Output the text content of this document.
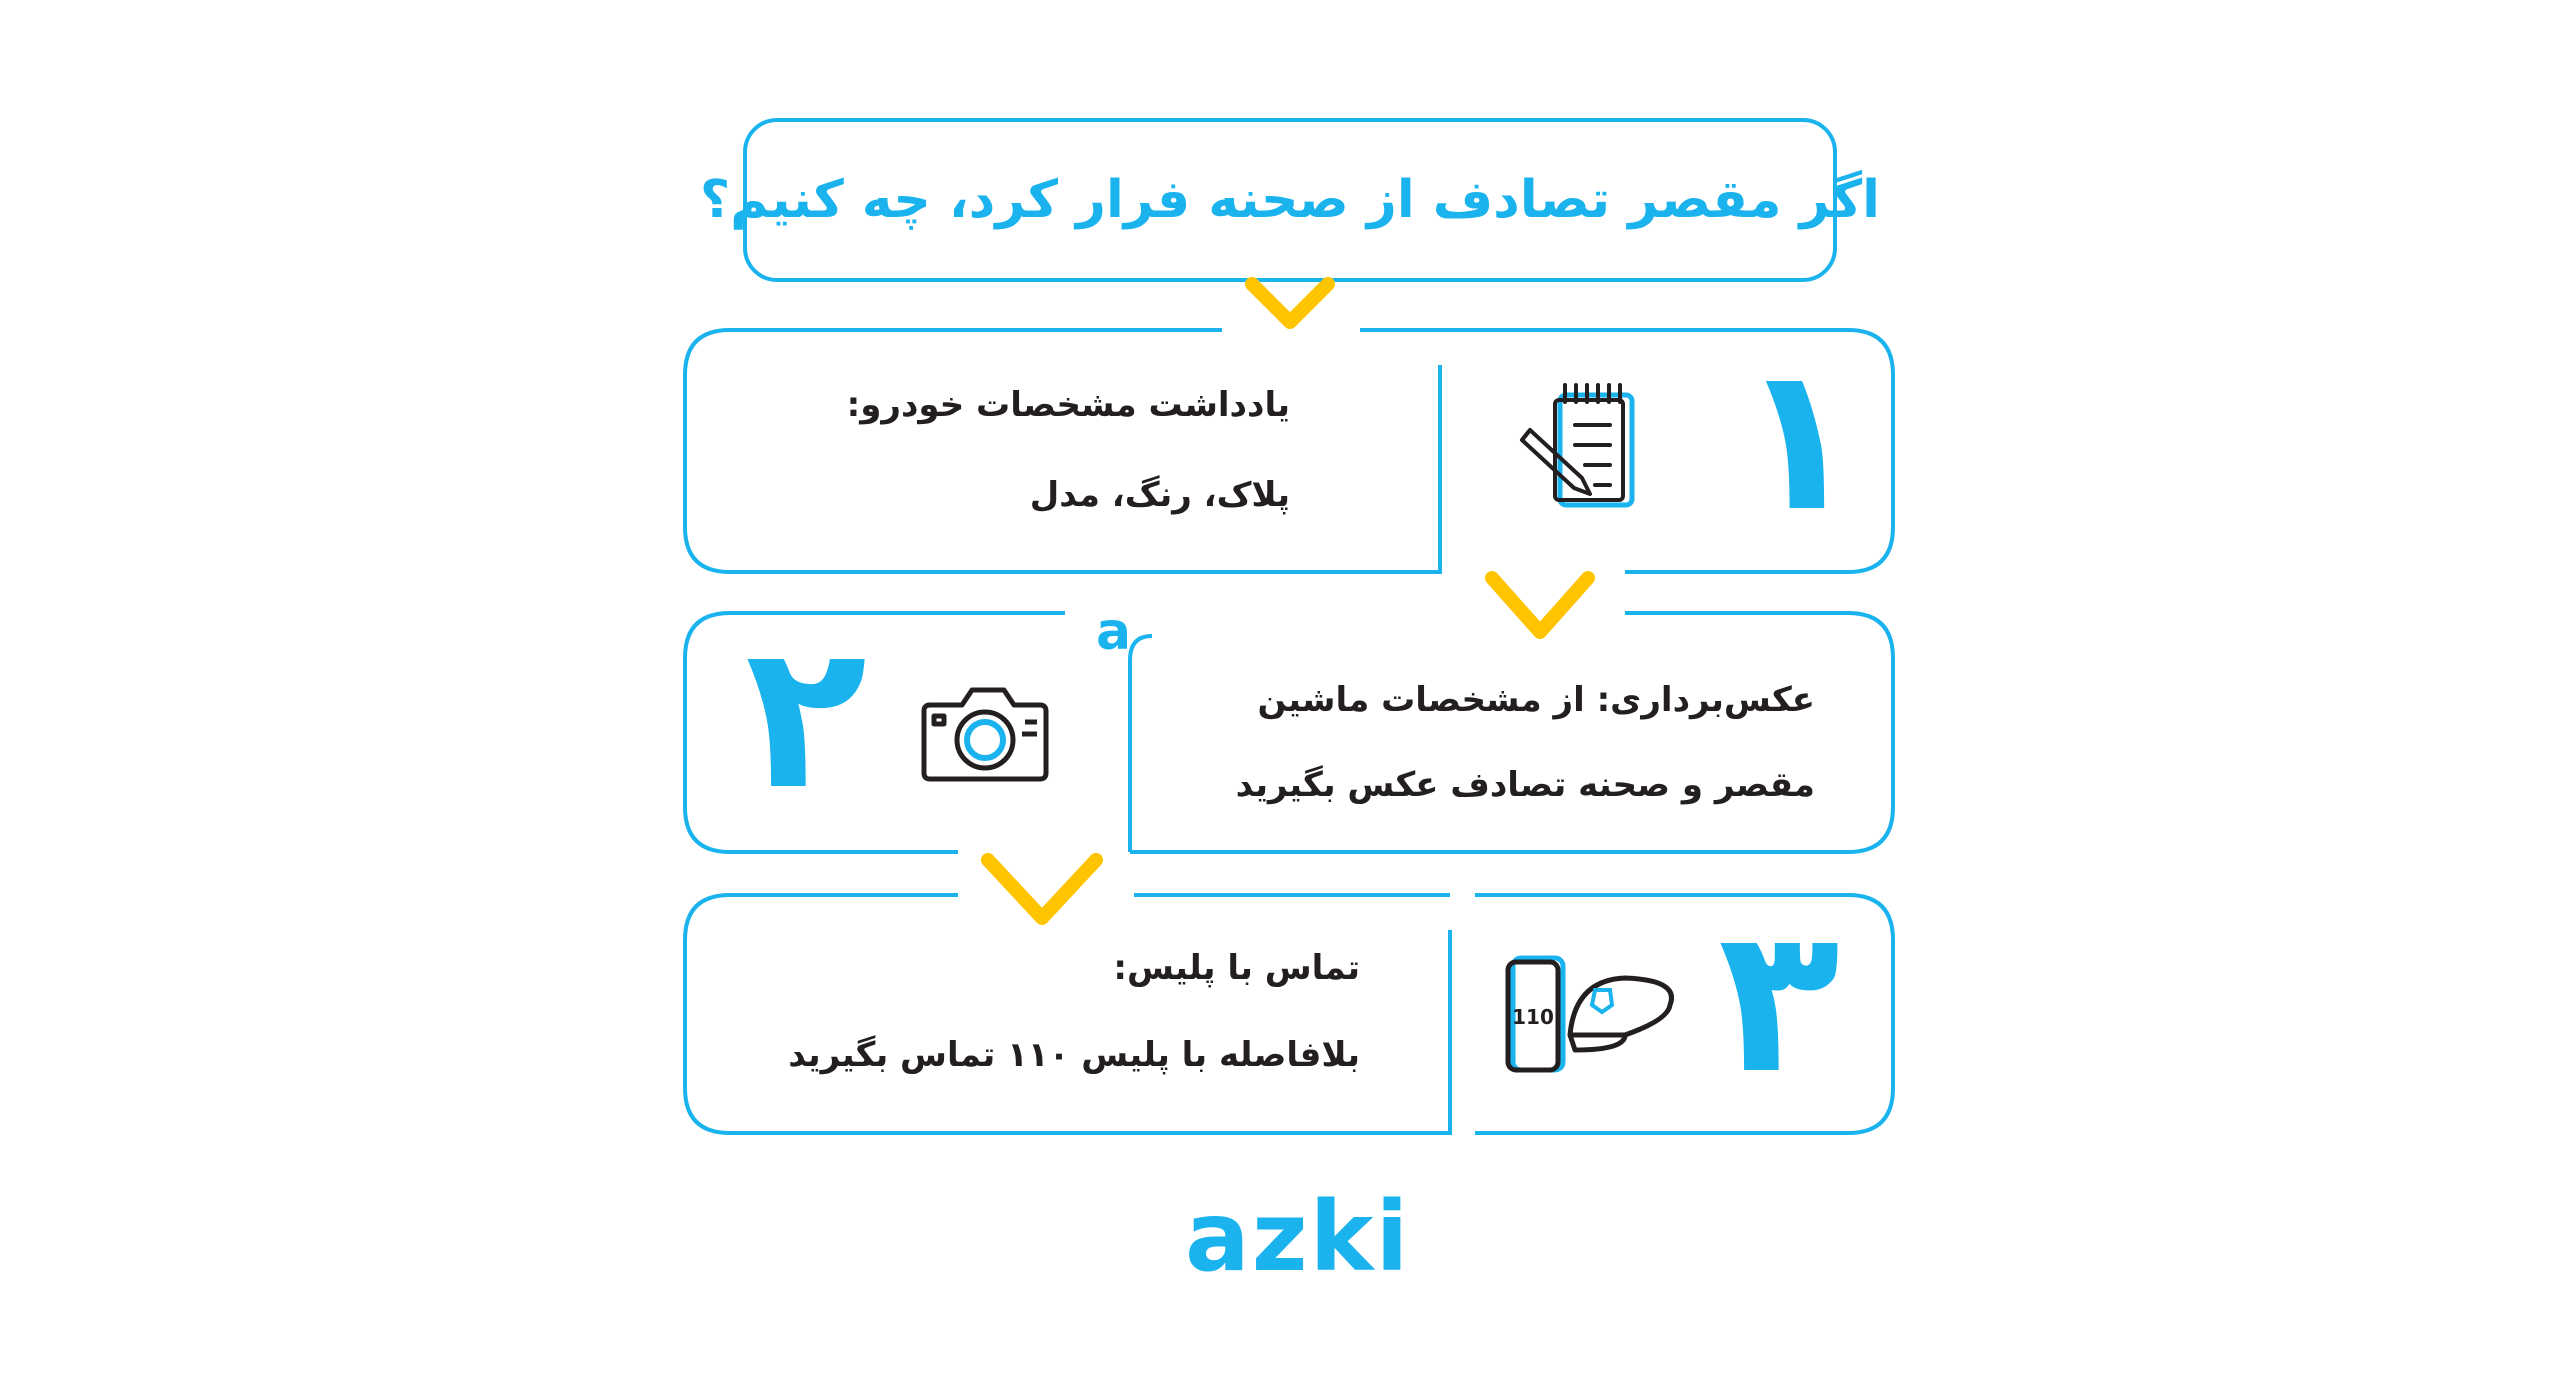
110
اگر مقصر تصادف از صحنه فرار کرد، چه کنیم؟
۱
یادداشت مشخصات خودرو:
پلاک، رنگ، مدل
a
۲	عکس‌برداری: از مشخصات ماشین
مقصر و صحنه تصادف عکس بگیرید
۳
تماس با پلیس:
بلافاصله با پلیس ۱۱۰ تماس بگیرید
azki
